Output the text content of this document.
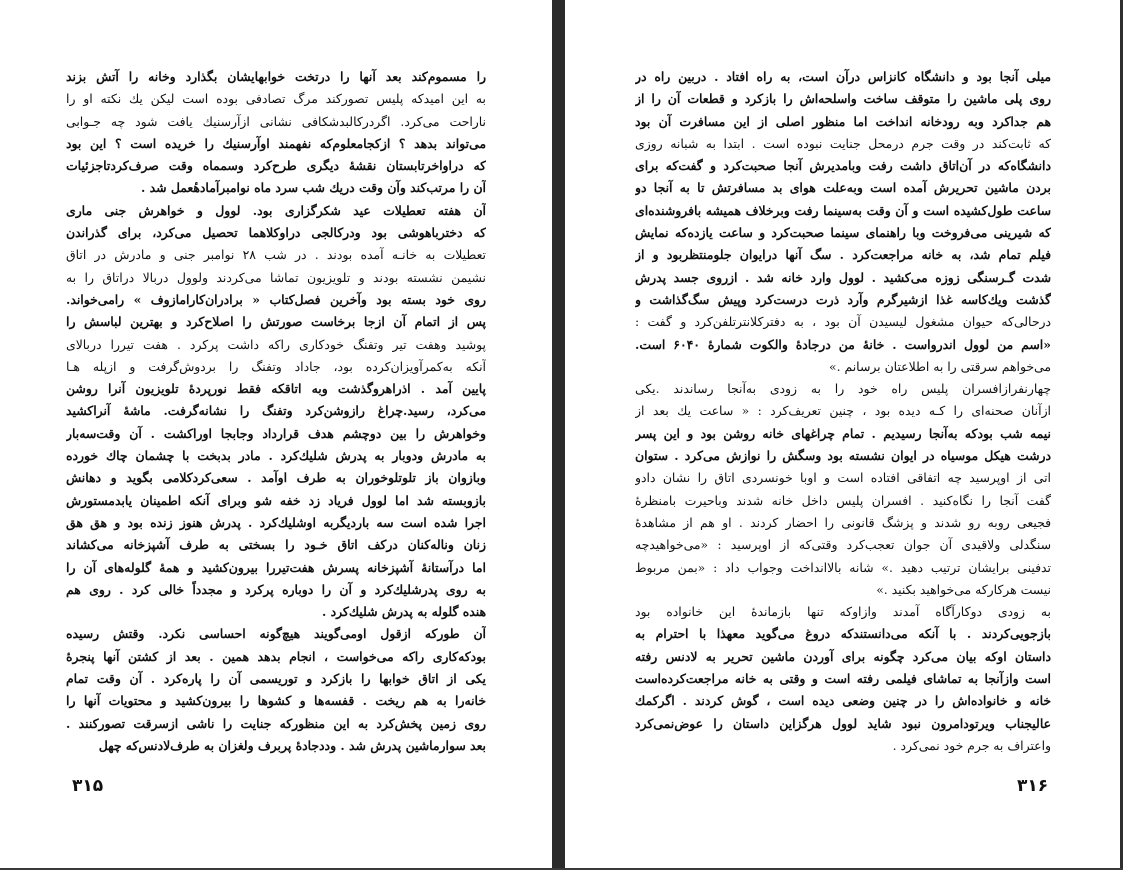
را مسموم‌کند بعد آنها را درتخت خوابهایشان بگذارد وخانه را آتش بزند
به این امیدکه پلیس تصورکند مرگ تصادفی بوده است لیکن یك نکته او را
ناراحت می‌کرد. اگردرکالبدشکافی نشانی ازآرسنیك یافت شود چه جـوابی
می‌تواند بدهد ؟ ازکجامعلوم‌که نفهمند اوآرسنیك را خریده است ؟ این بود
که دراواخرتابستان نقشهٔ دیگری طرح‌کرد وسمماه وقت صرف‌کردتاجزئیات
آن را مرتب‌کند وآن وقت دریك شب سرد ماه نوامبرآمادهٔعمل شد .
آن هفته تعطیلات عید شکرگزاری بود. لوول و خواهرش جنی ماری
که دخترباهوشی بود ودرکالجی دراوکلاهما تحصیل می‌کرد، برای گذراندن
تعطیلات به خانـه آمده بودند . در شب ۲۸ نوامبر جنی و مادرش در اتاق
نشیمن نشسته بودند و تلویزیون تماشا می‌کردند ولوول دربالا دراتاق را به
روی خود بسته بود وآخرین فصل‌کتاب « برادران‌کارامازوف » رامی‌خواند.
پس از اتمام آن ازجا برخاست صورتش را اصلاح‌کرد و بهترین لباسش را
پوشید وهفت تیر وتفنگ خودکاری راکه داشت پرکرد . هفت تیررا دربالای
آنکه به‌کمرآویزان‌کرده بود، جاداد وتفنگ را بردوش‌گرفت و ازپله هـا
پایین آمد . اذراهروگذشت وبه اتاقکه فقط نورپردهٔ تلویزیون آنرا روشن
می‌کرد، رسید.چراغ رازوشن‌کرد وتفنگ را نشانه‌گرفت. ماشهٔ آنراکشید
وخواهرش را بین دوچشم هدف قرارداد وجابجا اوراکشت . آن وقت‌سه‌بار
به مادرش ودوبار به پدرش شلیك‌کرد . مادر بدبخت با چشمان چاك خورده
وبازوان باز تلوتلوخوران به طرف اوآمد . سعی‌کردکلامی بگوید و دهانش
بازوبسته شد اما لوول فریاد زد خفه شو وبرای آنکه اطمینان یابدمستورش
اجرا شده است سه باردیگربه اوشلیك‌کرد . پدرش هنوز زنده بود و هق هق
زنان وناله‌کنان درکف اتاق خـود را بسختی به طرف آشپزخانه می‌کشاند
اما درآستانهٔ آشپزخانه پسرش هفت‌تیررا بیرون‌کشید و همهٔ گلوله‌های آن را
به روی پدرشلیك‌کرد و آن را دوباره پرکرد و مجدداً خالی کرد . روی هم
هنده گلوله به پدرش شلیك‌کرد .
آن طورکه ازقول اومی‌گویند هیچ‌گونه احساسی نکرد. وقتش رسیده
بودکه‌کاری راکه می‌خواست ، انجام بدهد همین . بعد از کشتن آنها پنجرهٔ
یکی از اتاق خوابها را بازکرد و توریسمی آن را پاره‌کرد . آن وقت تمام
خانه‌را به هم ریخت . قفسه‌ها و کشوها را بیرون‌کشید و محتویات آنها را
روی زمین پخش‌کرد به این منظورکه جنایت را ناشی ازسرقت تصورکنند .
بعد سوارماشین پدرش شد . وددجادهٔ پربرف ولغزان به طرف‌لادنس‌که چهل
۳۱۵
میلی آنجا بود و دانشگاه کانزاس درآن است، به راه افتاد . دربین راه در
روی پلی ماشین را متوقف ساخت واسلحه‌اش را بازکرد و قطعات آن را از
هم جداکرد وبه رودخانه انداخت اما منظور اصلی از این مسافرت آن بود
که ثابت‌کند در وقت جرم درمحل جنایت نبوده است . ابتدا به شبانه روزی
دانشگاه‌که در آن‌اتاق داشت رفت وبامدیرش آنجا صحبت‌کرد و گفت‌که برای
بردن ماشین تحریرش آمده است وبه‌علت هوای بد مسافرتش تا به آنجا دو
ساعت طول‌کشیده است و آن وقت به‌سینما رفت وبرخلاف همیشه بافروشنده‌ای
که شیرینی می‌فروخت وبا راهنمای سینما صحبت‌کرد و ساعت یازده‌که نمایش
فیلم تمام شد، به خانه مراجعت‌کرد . سگ آنها درایوان جلومنتظربود و از
شدت گـرسنگی زوزه می‌کشید . لوول وارد خانه شد . ازروی جسد پدرش
گذشت ویك‌کاسه غذا ازشیرگرم وآرد ذرت درست‌کرد وپیش سگ‌گذاشت و
درحالی‌که حیوان مشغول لیسیدن آن بود ، به دفترکلانترتلفن‌کرد و گفت :
«اسم من لوول اندرواست . خانهٔ من درجادهٔ والکوت شمارهٔ ۶۰۴۰ است.
می‌خواهم سرقتی را به اطلاعتان برسانم .»
چهارنفرازافسران پلیس راه خود را به زودی به‌آنجا رساندند .یکی
ازآنان صحنه‌ای را کـه دیده بود ، چنین تعریف‌کرد : « ساعت یك بعد از
نیمه شب بودکه به‌آنجا رسیدیم . تمام چراغهای خانه روشن بود و این پسر
درشت هیکل موسیاه در ایوان نشسته بود وسگش را نوازش می‌کرد . ستوان
اتی از اوپرسید چه اتفاقی افتاده است و اوبا خونسردی اتاق را نشان دادو
گفت آنجا را نگاه‌کنید . افسران پلیس داخل خانه شدند وباحیرت بامنظرهٔ
فجیعی روبه رو شدند و پزشگ قانونی را احضار کردند . او هم از مشاهدهٔ
سنگدلی ولاقیدی آن جوان تعجب‌کرد وقتی‌که از اوپرسید : «می‌خواهیدچه
تدفینی برایشان ترتیب دهید .» شانه بالاانداخت وجواب داد : «بمن مربوط
نیست هرکارکه می‌خواهید بکنید .»
به زودی دوکارآگاه آمدند وازاوکه تنها بازماندهٔ این خانواده بود
بازجویی‌کردند . با آنکه می‌دانستندکه دروغ می‌گوید معهذا با احترام به
داستان اوکه بیان می‌کرد چگونه برای آوردن ماشین تحریر به لادنس رفته
است وازآنجا به تماشای فیلمی رفته است و وقتی به خانه مراجعت‌کرده‌است
خانه و خانواده‌اش را در چنین وضعی دیده است ، گوش کردند . اگرکمك
عالیجناب ویرتودامرون نبود شاید لوول هرگزاین داستان را عوض‌نمی‌کرد
واعتراف به جرم خود نمی‌کرد .
۳۱۶
